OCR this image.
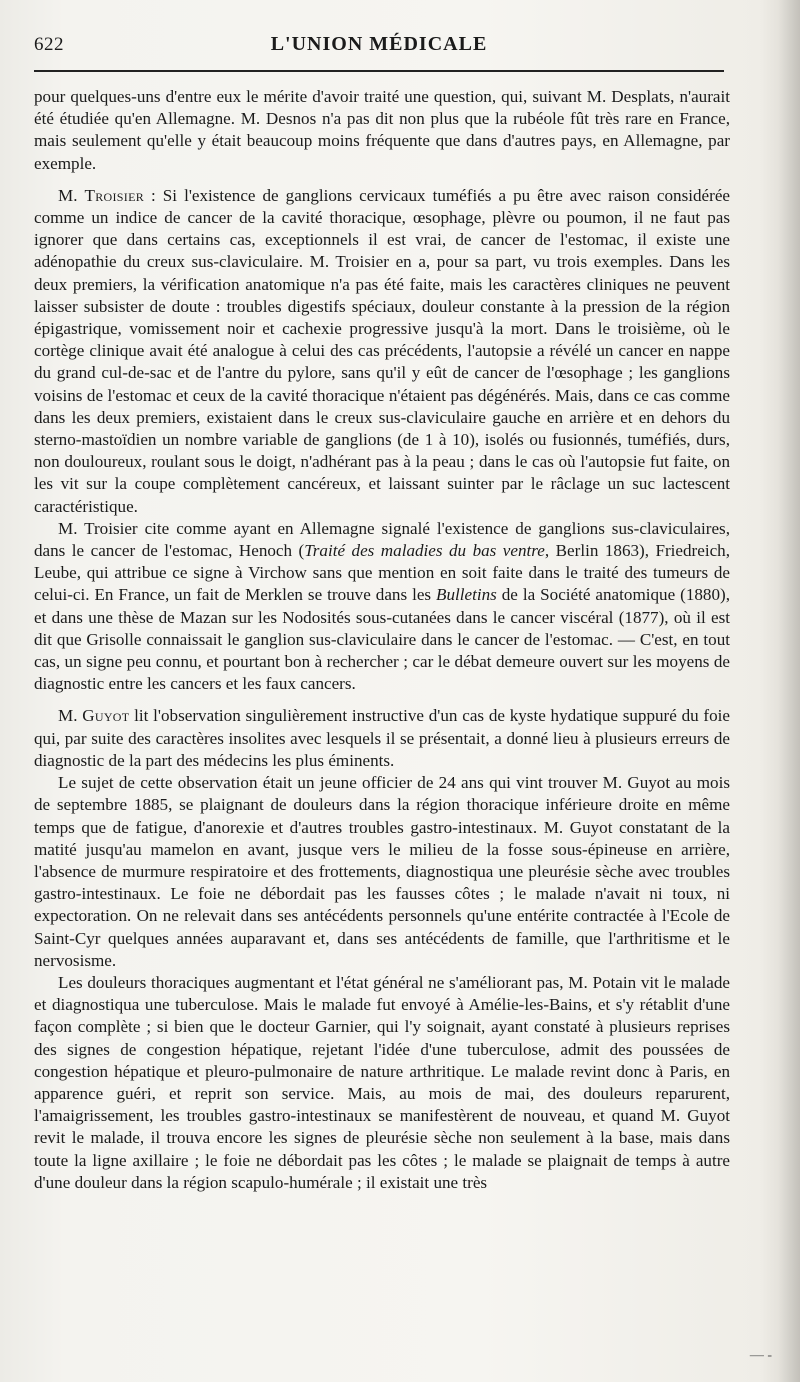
622	L'UNION MÉDICALE

pour quelques-uns d'entre eux le mérite d'avoir traité une question, qui, suivant M. Desplats, n'aurait été étudiée qu'en Allemagne. M. Desnos n'a pas dit non plus que la rubéole fût très rare en France, mais seulement qu'elle y était beaucoup moins fréquente que dans d'autres pays, en Allemagne, par exemple.

M. Troisier : Si l'existence de ganglions cervicaux tuméfiés a pu être avec raison considérée comme un indice de cancer de la cavité thoracique, œsophage, plèvre ou poumon, il ne faut pas ignorer que dans certains cas, exceptionnels il est vrai, de cancer de l'estomac, il existe une adénopathie du creux sus-claviculaire. M. Troisier en a, pour sa part, vu trois exemples. Dans les deux premiers, la vérification anatomique n'a pas été faite, mais les caractères cliniques ne peuvent laisser subsister de doute : troubles digestifs spéciaux, douleur constante à la pression de la région épigastrique, vomissement noir et cachexie progressive jusqu'à la mort. Dans le troisième, où le cortège clinique avait été analogue à celui des cas précédents, l'autopsie a révélé un cancer en nappe du grand cul-de-sac et de l'antre du pylore, sans qu'il y eût de cancer de l'œsophage ; les ganglions voisins de l'estomac et ceux de la cavité thoracique n'étaient pas dégénérés. Mais, dans ce cas comme dans les deux premiers, existaient dans le creux sus-claviculaire gauche en arrière et en dehors du sterno-mastoïdien un nombre variable de ganglions (de 1 à 10), isolés ou fusionnés, tuméfiés, durs, non douloureux, roulant sous le doigt, n'adhérant pas à la peau ; dans le cas où l'autopsie fut faite, on les vit sur la coupe complètement cancéreux, et laissant suinter par le râclage un suc lactescent caractéristique.

M. Troisier cite comme ayant en Allemagne signalé l'existence de ganglions sus-claviculaires, dans le cancer de l'estomac, Henoch (Traité des maladies du bas ventre, Berlin 1863), Friedreich, Leube, qui attribue ce signe à Virchow sans que mention en soit faite dans le traité des tumeurs de celui-ci. En France, un fait de Merklen se trouve dans les Bulletins de la Société anatomique (1880), et dans une thèse de Mazan sur les Nodosités sous-cutanées dans le cancer viscéral (1877), où il est dit que Grisolle connaissait le ganglion sus-claviculaire dans le cancer de l'estomac. — C'est, en tout cas, un signe peu connu, et pourtant bon à rechercher ; car le débat demeure ouvert sur les moyens de diagnostic entre les cancers et les faux cancers.

M. Guyot lit l'observation singulièrement instructive d'un cas de kyste hydatique suppuré du foie qui, par suite des caractères insolites avec lesquels il se présentait, a donné lieu à plusieurs erreurs de diagnostic de la part des médecins les plus éminents.

Le sujet de cette observation était un jeune officier de 24 ans qui vint trouver M. Guyot au mois de septembre 1885, se plaignant de douleurs dans la région thoracique inférieure droite en même temps que de fatigue, d'anorexie et d'autres troubles gastro-intestinaux. M. Guyot constatant de la matité jusqu'au mamelon en avant, jusque vers le milieu de la fosse sous-épineuse en arrière, l'absence de murmure respiratoire et des frottements, diagnostiqua une pleurésie sèche avec troubles gastro-intestinaux. Le foie ne débordait pas les fausses côtes ; le malade n'avait ni toux, ni expectoration. On ne relevait dans ses antécédents personnels qu'une entérite contractée à l'Ecole de Saint-Cyr quelques années auparavant et, dans ses antécédents de famille, que l'arthritisme et le nervosisme.

Les douleurs thoraciques augmentant et l'état général ne s'améliorant pas, M. Potain vit le malade et diagnostiqua une tuberculose. Mais le malade fut envoyé à Amélie-les-Bains, et s'y rétablit d'une façon complète ; si bien que le docteur Garnier, qui l'y soignait, ayant constaté à plusieurs reprises des signes de congestion hépatique, rejetant l'idée d'une tuberculose, admit des poussées de congestion hépatique et pleuro-pulmonaire de nature arthritique. Le malade revint donc à Paris, en apparence guéri, et reprit son service. Mais, au mois de mai, des douleurs reparurent, l'amaigrissement, les troubles gastro-intestinaux se manifestèrent de nouveau, et quand M. Guyot revit le malade, il trouva encore les signes de pleurésie sèche non seulement à la base, mais dans toute la ligne axillaire ; le foie ne débordait pas les côtes ; le malade se plaignait de temps à autre d'une douleur dans la région scapulo-humérale ; il existait une très

— -
